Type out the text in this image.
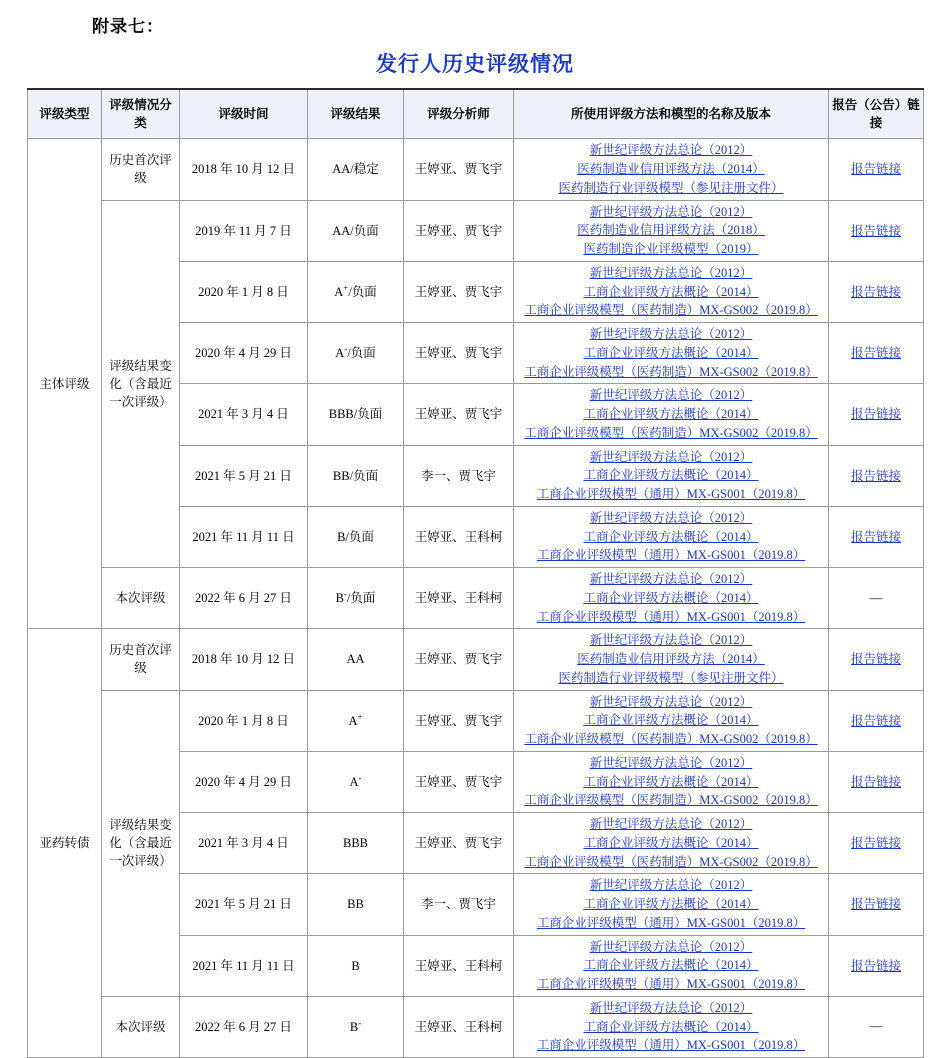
附录七：
发行人历史评级情况
评级类型	评级情况分类	评级时间	评级结果	评级分析师	所使用评级方法和模型的名称及版本	报告（公告）链接
主体评级	历史首次评级	2018 年 10 月 12 日	AA/稳定	王婷亚、贾飞宇	新世纪评级方法总论（2012）
医药制造业信用评级方法（2014）
医药制造行业评级模型（参见注册文件）	报告链接
	评级结果变化（含最近一次评级）	2019 年 11 月 7 日	AA/负面	王婷亚、贾飞宇	新世纪评级方法总论（2012）
医药制造业信用评级方法（2018）
医药制造企业评级模型（2019）	报告链接
		2020 年 1 月 8 日	A+/负面	王婷亚、贾飞宇	新世纪评级方法总论（2012）
工商企业评级方法概论（2014）
工商企业评级模型（医药制造）MX-GS002（2019.8）	报告链接
		2020 年 4 月 29 日	A-/负面	王婷亚、贾飞宇	新世纪评级方法总论（2012）
工商企业评级方法概论（2014）
工商企业评级模型（医药制造）MX-GS002（2019.8）	报告链接
		2021 年 3 月 4 日	BBB/负面	王婷亚、贾飞宇	新世纪评级方法总论（2012）
工商企业评级方法概论（2014）
工商企业评级模型（医药制造）MX-GS002（2019.8）	报告链接
		2021 年 5 月 21 日	BB/负面	李一、贾飞宇	新世纪评级方法总论（2012）
工商企业评级方法概论（2014）
工商企业评级模型（通用）MX-GS001（2019.8）	报告链接
		2021 年 11 月 11 日	B/负面	王婷亚、王科柯	新世纪评级方法总论（2012）
工商企业评级方法概论（2014）
工商企业评级模型（通用）MX-GS001（2019.8）	报告链接
	本次评级	2022 年 6 月 27 日	B-/负面	王婷亚、王科柯	新世纪评级方法总论（2012）
工商企业评级方法概论（2014）
工商企业评级模型（通用）MX-GS001（2019.8）	—
亚药转债	历史首次评级	2018 年 10 月 12 日	AA	王婷亚、贾飞宇	新世纪评级方法总论（2012）
医药制造业信用评级方法（2014）
医药制造行业评级模型（参见注册文件）	报告链接
	评级结果变化（含最近一次评级）	2020 年 1 月 8 日	A+	王婷亚、贾飞宇	新世纪评级方法总论（2012）
工商企业评级方法概论（2014）
工商企业评级模型（医药制造）MX-GS002（2019.8）	报告链接
		2020 年 4 月 29 日	A-	王婷亚、贾飞宇	新世纪评级方法总论（2012）
工商企业评级方法概论（2014）
工商企业评级模型（医药制造）MX-GS002（2019.8）	报告链接
		2021 年 3 月 4 日	BBB	王婷亚、贾飞宇	新世纪评级方法总论（2012）
工商企业评级方法概论（2014）
工商企业评级模型（医药制造）MX-GS002（2019.8）	报告链接
		2021 年 5 月 21 日	BB	李一、贾飞宇	新世纪评级方法总论（2012）
工商企业评级方法概论（2014）
工商企业评级模型（通用）MX-GS001（2019.8）	报告链接
		2021 年 11 月 11 日	B	王婷亚、王科柯	新世纪评级方法总论（2012）
工商企业评级方法概论（2014）
工商企业评级模型（通用）MX-GS001（2019.8）	报告链接
	本次评级	2022 年 6 月 27 日	B-	王婷亚、王科柯	新世纪评级方法总论（2012）
工商企业评级方法概论（2014）
工商企业评级模型（通用）MX-GS001（2019.8）	—
